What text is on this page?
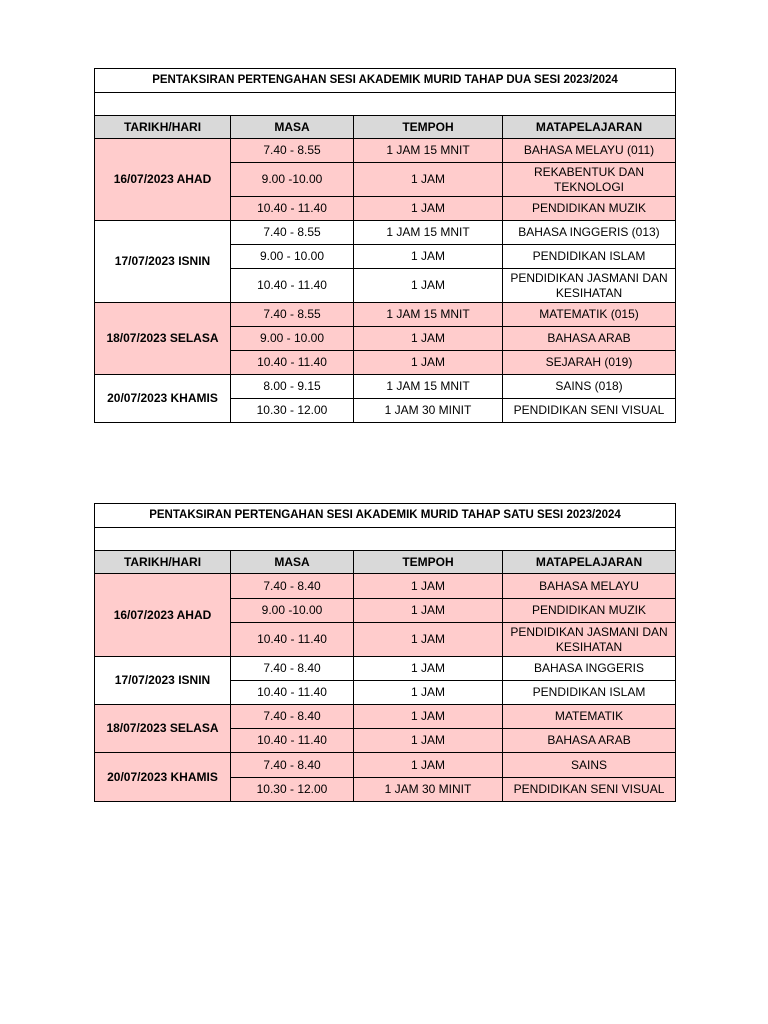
PENTAKSIRAN PERTENGAHAN SESI AKADEMIK MURID TAHAP DUA SESI 2023/2024			

TARIKH/HARI	MASA	TEMPOH	MATAPELAJARAN
16/07/2023 AHAD	7.40 - 8.55	1 JAM 15 MNIT	BAHASA MELAYU (011)
	9.00 -10.00	1 JAM	REKABENTUK DAN TEKNOLOGI
	10.40 - 11.40	1 JAM	PENDIDIKAN MUZIK
17/07/2023 ISNIN	7.40 - 8.55	1 JAM 15 MNIT	BAHASA INGGERIS (013)
	9.00 - 10.00	1 JAM	PENDIDIKAN ISLAM
	10.40 - 11.40	1 JAM	PENDIDIKAN JASMANI DAN KESIHATAN
18/07/2023 SELASA	7.40 - 8.55	1 JAM 15 MNIT	MATEMATIK (015)
	9.00 - 10.00	1 JAM	BAHASA ARAB
	10.40 - 11.40	1 JAM	SEJARAH (019)
20/07/2023 KHAMIS	8.00 - 9.15	1 JAM 15 MNIT	SAINS (018)
	10.30 - 12.00	1 JAM 30 MINIT	PENDIDIKAN SENI VISUAL
PENTAKSIRAN PERTENGAHAN SESI AKADEMIK MURID TAHAP SATU SESI 2023/2024			

TARIKH/HARI	MASA	TEMPOH	MATAPELAJARAN
16/07/2023 AHAD	7.40 - 8.40	1 JAM	BAHASA MELAYU
	9.00 -10.00	1 JAM	PENDIDIKAN MUZIK
	10.40 - 11.40	1 JAM	PENDIDIKAN JASMANI DAN KESIHATAN
17/07/2023 ISNIN	7.40 - 8.40	1 JAM	BAHASA INGGERIS
	10.40 - 11.40	1 JAM	PENDIDIKAN ISLAM
18/07/2023 SELASA	7.40 - 8.40	1 JAM	MATEMATIK
	10.40 - 11.40	1 JAM	BAHASA ARAB
20/07/2023 KHAMIS	7.40 - 8.40	1 JAM	SAINS
	10.30 - 12.00	1 JAM 30 MINIT	PENDIDIKAN SENI VISUAL
